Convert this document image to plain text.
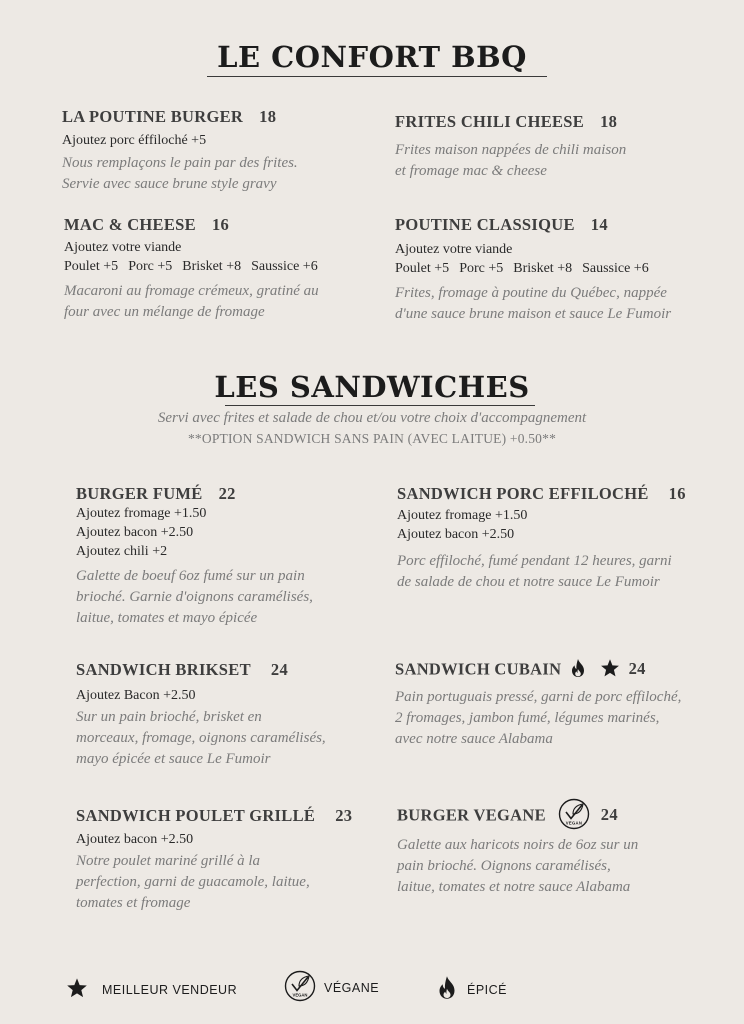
LE CONFORT BBQ
LA POUTINE BURGER 18
Ajoutez porc éffiloché +5
Nous remplaçons le pain par des frites.
Servie avec sauce brune style gravy
FRITES CHILI CHEESE 18
Frites maison nappées de chili maison
et fromage mac & cheese
MAC & CHEESE 16
Ajoutez votre viande
Poulet +5 Porc +5 Brisket +8 Saussice +6
Macaroni au fromage crémeux, gratiné au
four avec un mélange de fromage
POUTINE CLASSIQUE 14
Ajoutez votre viande
Poulet +5 Porc +5 Brisket +8 Saussice +6
Frites, fromage à poutine du Québec, nappée
d'une sauce brune maison et sauce Le Fumoir
LES SANDWICHES
Servi avec frites et salade de chou et/ou votre choix d'accompagnement
**OPTION SANDWICH SANS PAIN (AVEC LAITUE) +0.50**
BURGER FUMÉ 22
Ajoutez fromage +1.50
Ajoutez bacon +2.50
Ajoutez chili +2
Galette de boeuf 6oz fumé sur un pain
brioché. Garnie d'oignons caramélisés,
laitue, tomates et mayo épicée
SANDWICH PORC EFFILOCHÉ 16
Ajoutez fromage +1.50
Ajoutez bacon +2.50
Porc effiloché, fumé pendant 12 heures, garni
de salade de chou et notre sauce Le Fumoir
SANDWICH BRIKSET 24
Ajoutez Bacon +2.50
Sur un pain brioché, brisket en
morceaux, fromage, oignons caramélisés,
mayo épicée et sauce Le Fumoir
SANDWICH CUBAIN	24
Pain portuguais pressé, garni de porc effiloché,
2 fromages, jambon fumé, légumes marinés,
avec notre sauce Alabama
SANDWICH POULET GRILLÉ 23
Ajoutez bacon +2.50
Notre poulet mariné grillé à la
perfection, garni de guacamole, laitue,
tomates et fromage
BURGER VEGANE	VEGAN 24
Galette aux haricots noirs de 6oz sur un
pain brioché. Oignons caramélisés,
laitue, tomates et notre sauce Alabama
MEILLEUR VENDEUR	VEGAN VÉGANE	ÉPICÉ
